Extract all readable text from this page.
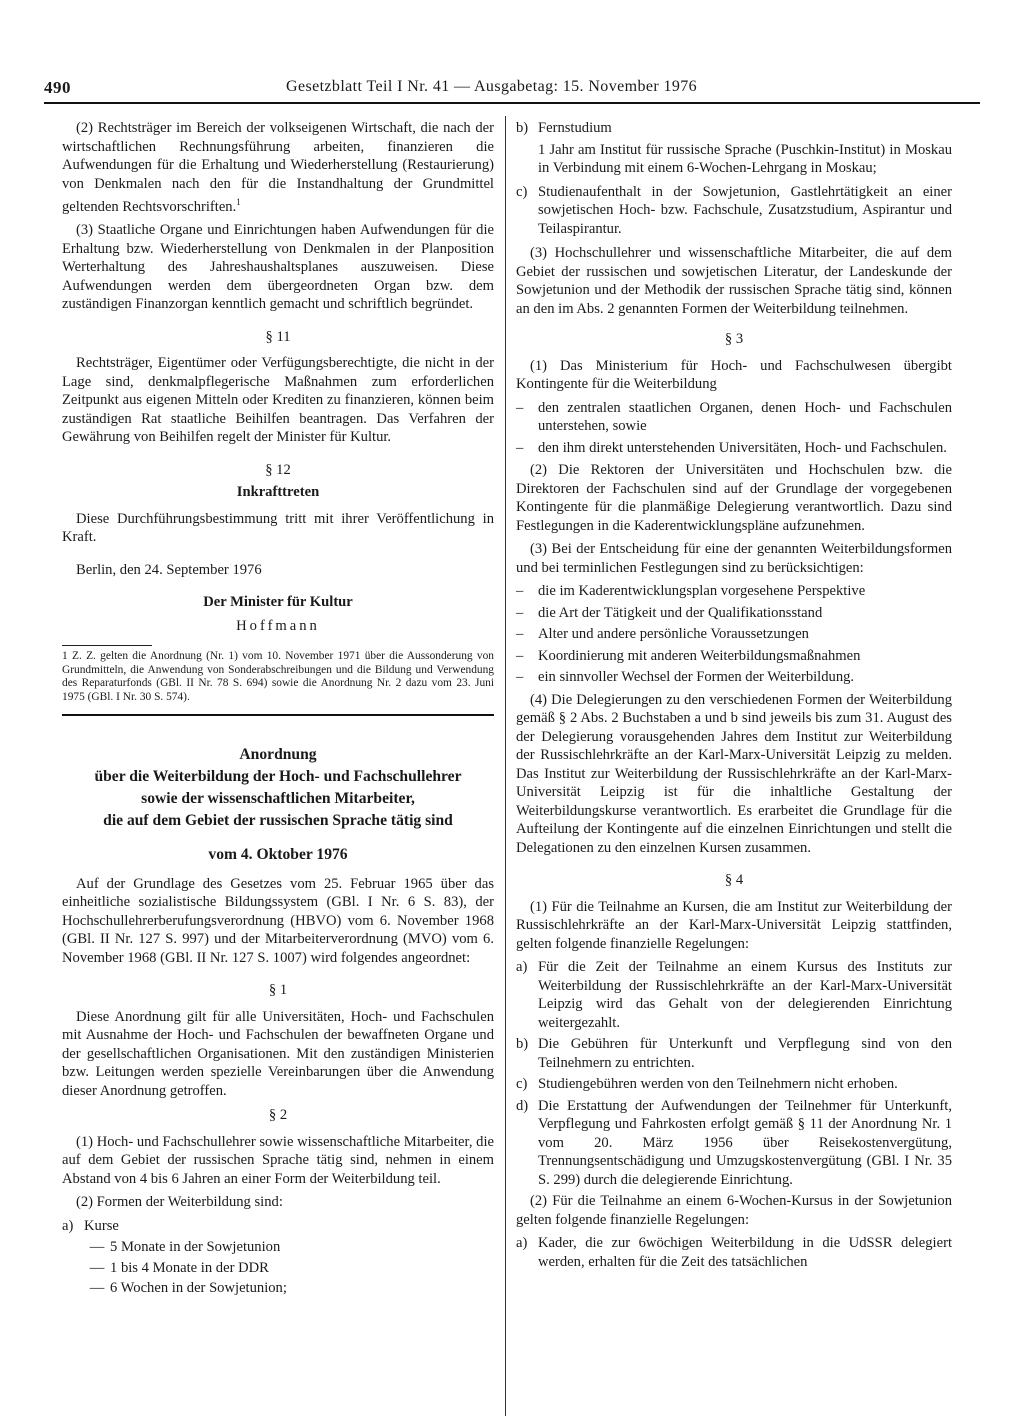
490	Gesetzblatt Teil I Nr. 41 — Ausgabetag: 15. November 1976

(2) Rechtsträger im Bereich der volkseigenen Wirtschaft, die nach der wirtschaftlichen Rechnungsführung arbeiten, finanzieren die Aufwendungen für die Erhaltung und Wiederherstellung (Restaurierung) von Denkmalen nach den für die Instandhaltung der Grundmittel geltenden Rechtsvorschriften.$^1$

(3) Staatliche Organe und Einrichtungen haben Aufwendungen für die Erhaltung bzw. Wiederherstellung von Denkmalen in der Planposition Werterhaltung des Jahreshaushaltsplanes auszuweisen. Diese Aufwendungen werden dem übergeordneten Organ bzw. dem zuständigen Finanzorgan kenntlich gemacht und schriftlich begründet.

§ 11

Rechtsträger, Eigentümer oder Verfügungsberechtigte, die nicht in der Lage sind, denkmalpflegerische Maßnahmen zum erforderlichen Zeitpunkt aus eigenen Mitteln oder Krediten zu finanzieren, können beim zuständigen Rat staatliche Beihilfen beantragen. Das Verfahren der Gewährung von Beihilfen regelt der Minister für Kultur.

§ 12

Inkrafttreten

Diese Durchführungsbestimmung tritt mit ihrer Veröffentlichung in Kraft.

Berlin, den 24. September 1976

Der Minister für Kultur

Hoffmann

1 Z. Z. gelten die Anordnung (Nr. 1) vom 10. November 1971 über die Aussonderung von Grundmitteln, die Anwendung von Sonderabschreibungen und die Bildung und Verwendung des Reparaturfonds (GBl. II Nr. 78 S. 694) sowie die Anordnung Nr. 2 dazu vom 23. Juni 1975 (GBl. I Nr. 30 S. 574).

Anordnung

über die Weiterbildung der Hoch- und Fachschullehrer

sowie der wissenschaftlichen Mitarbeiter,

die auf dem Gebiet der russischen Sprache tätig sind

vom 4. Oktober 1976

Auf der Grundlage des Gesetzes vom 25. Februar 1965 über das einheitliche sozialistische Bildungssystem (GBl. I Nr. 6 S. 83), der Hochschullehrerberufungsverordnung (HBVO) vom 6. November 1968 (GBl. II Nr. 127 S. 997) und der Mitarbeiterverordnung (MVO) vom 6. November 1968 (GBl. II Nr. 127 S. 1007) wird folgendes angeordnet:

§ 1

Diese Anordnung gilt für alle Universitäten, Hoch- und Fachschulen mit Ausnahme der Hoch- und Fachschulen der bewaffneten Organe und der gesellschaftlichen Organisationen. Mit den zuständigen Ministerien bzw. Leitungen werden spezielle Vereinbarungen über die Anwendung dieser Anordnung getroffen.

§ 2

(1) Hoch- und Fachschullehrer sowie wissenschaftliche Mitarbeiter, die auf dem Gebiet der russischen Sprache tätig sind, nehmen in einem Abstand von 4 bis 6 Jahren an einer Form der Weiterbildung teil.

(2) Formen der Weiterbildung sind:

a) Kurse
— 5 Monate in der Sowjetunion
— 1 bis 4 Monate in der DDR
— 6 Wochen in der Sowjetunion;
b) Fernstudium

1 Jahr am Institut für russische Sprache (Puschkin-Institut) in Moskau in Verbindung mit einem 6-Wochen-Lehrgang in Moskau;

c) Studienaufenthalt in der Sowjetunion, Gastlehrtätigkeit an einer sowjetischen Hoch- bzw. Fachschule, Zusatzstudium, Aspirantur und Teilaspirantur.

(3) Hochschullehrer und wissenschaftliche Mitarbeiter, die auf dem Gebiet der russischen und sowjetischen Literatur, der Landeskunde der Sowjetunion und der Methodik der russischen Sprache tätig sind, können an den im Abs. 2 genannten Formen der Weiterbildung teilnehmen.

§ 3

(1) Das Ministerium für Hoch- und Fachschulwesen übergibt Kontingente für die Weiterbildung

–	den zentralen staatlichen Organen, denen Hoch- und Fachschulen unterstehen, sowie
–	den ihm direkt unterstehenden Universitäten, Hoch- und Fachschulen.

(2) Die Rektoren der Universitäten und Hochschulen bzw. die Direktoren der Fachschulen sind auf der Grundlage der vorgegebenen Kontingente für die planmäßige Delegierung verantwortlich. Dazu sind Festlegungen in die Kaderentwicklungspläne aufzunehmen.

(3) Bei der Entscheidung für eine der genannten Weiterbildungsformen und bei terminlichen Festlegungen sind zu berücksichtigen:

–	die im Kaderentwicklungsplan vorgesehene Perspektive
–	die Art der Tätigkeit und der Qualifikationsstand
–	Alter und andere persönliche Voraussetzungen
–	Koordinierung mit anderen Weiterbildungsmaßnahmen
–	ein sinnvoller Wechsel der Formen der Weiterbildung.

(4) Die Delegierungen zu den verschiedenen Formen der Weiterbildung gemäß § 2 Abs. 2 Buchstaben a und b sind jeweils bis zum 31. August des der Delegierung vorausgehenden Jahres dem Institut zur Weiterbildung der Russischlehrkräfte an der Karl-Marx-Universität Leipzig zu melden. Das Institut zur Weiterbildung der Russischlehrkräfte an der Karl-Marx-Universität Leipzig ist für die inhaltliche Gestaltung der Weiterbildungskurse verantwortlich. Es erarbeitet die Grundlage für die Aufteilung der Kontingente auf die einzelnen Einrichtungen und stellt die Delegationen zu den einzelnen Kursen zusammen.

§ 4

(1) Für die Teilnahme an Kursen, die am Institut zur Weiterbildung der Russischlehrkräfte an der Karl-Marx-Universität Leipzig stattfinden, gelten folgende finanzielle Regelungen:

a) Für die Zeit der Teilnahme an einem Kursus des Instituts zur Weiterbildung der Russischlehrkräfte an der Karl-Marx-Universität Leipzig wird das Gehalt von der delegierenden Einrichtung weitergezahlt.
b) Die Gebühren für Unterkunft und Verpflegung sind von den Teilnehmern zu entrichten.
c) Studiengebühren werden von den Teilnehmern nicht erhoben.
d) Die Erstattung der Aufwendungen der Teilnehmer für Unterkunft, Verpflegung und Fahrkosten erfolgt gemäß § 11 der Anordnung Nr. 1 vom 20. März 1956 über Reisekostenvergütung, Trennungsentschädigung und Umzugskostenvergütung (GBl. I Nr. 35 S. 299) durch die delegierende Einrichtung.

(2) Für die Teilnahme an einem 6-Wochen-Kursus in der Sowjetunion gelten folgende finanzielle Regelungen:

a) Kader, die zur 6wöchigen Weiterbildung in die UdSSR delegiert werden, erhalten für die Zeit des tatsächlichen
